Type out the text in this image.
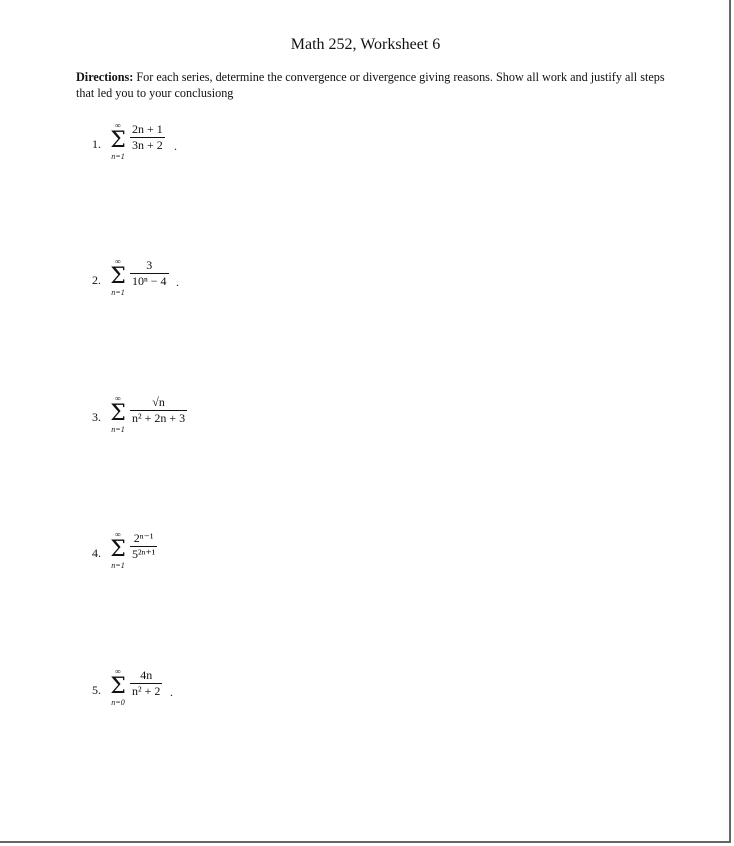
Math 252, Worksheet 6
Directions: For each series, determine the convergence or divergence giving reasons. Show all work and justify all steps that led you to your conclusiong
1.
∞
Σ
n=1
2n + 1
3n + 2 .
2.
∞
Σ
n=1
3
10ⁿ − 4 .
3.
∞
Σ
n=1
√n
n² + 2n + 3
4.
∞
Σ
n=1
2ⁿ⁻¹
5²ⁿ⁺¹
5.
∞
Σ
n=0
4n
n² + 2 .
